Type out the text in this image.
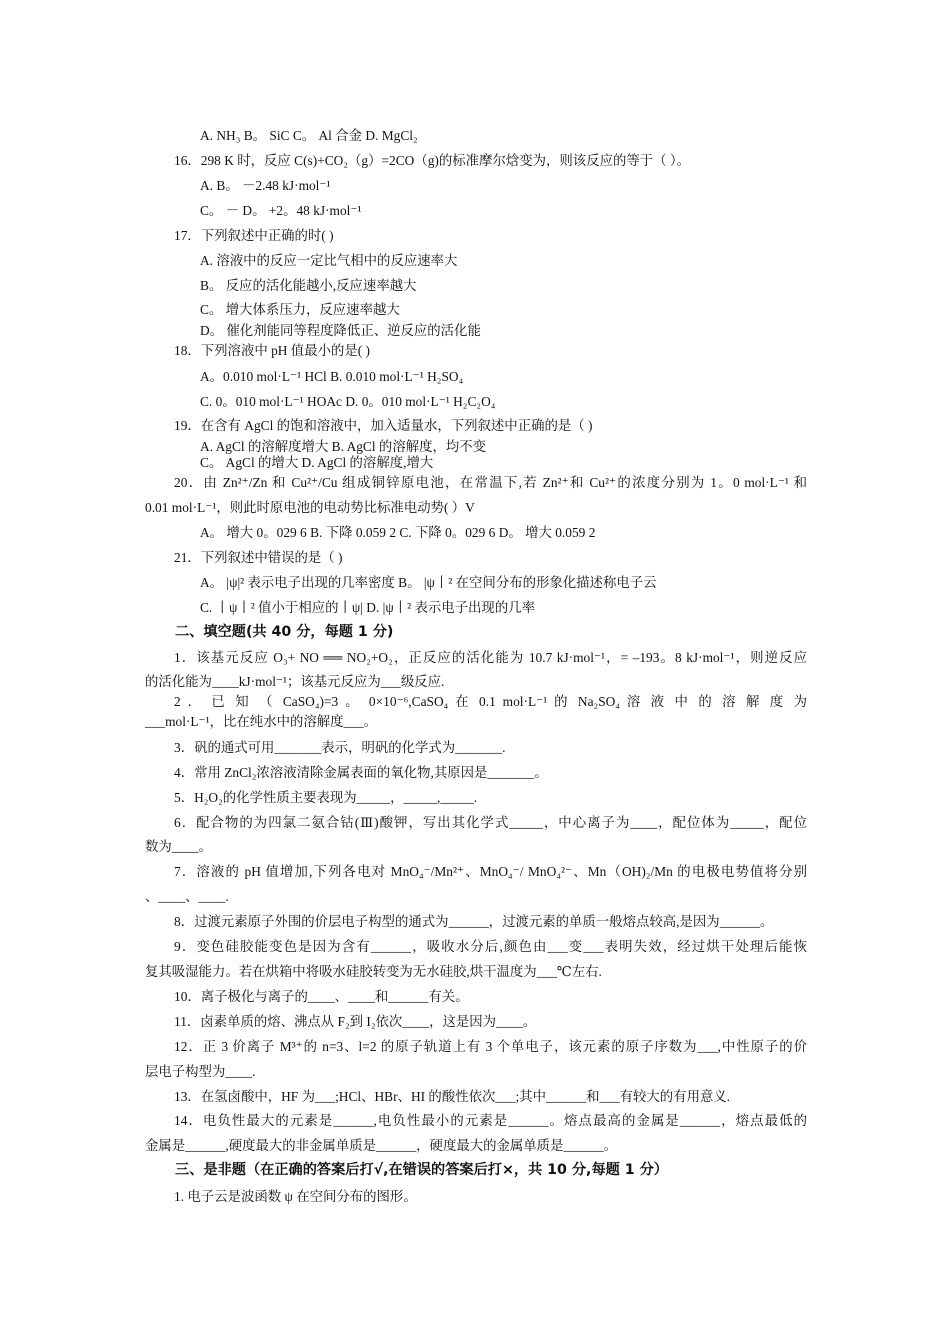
A. NH₃ B。 SiC C。 Al 合金 D. MgCl₂
16．298 K 时，反应 C(s)+CO₂（g）=2CO（g)的标准摩尔焓变为，则该反应的等于（ ）。
A. B。 －2.48 kJ·mol⁻¹
C。 － D。 +2。48 kJ·mol⁻¹
17．下列叙述中正确的时( )
A. 溶液中的反应一定比气相中的反应速率大
B。 反应的活化能越小,反应速率越大
C。 增大体系压力，反应速率越大
D。 催化剂能同等程度降低正、逆反应的活化能
18．下列溶液中 pH 值最小的是( )
A。0.010 mol·L⁻¹ HCl B. 0.010 mol·L⁻¹ H₂SO₄
C. 0。010 mol·L⁻¹ HOAc D. 0。010 mol·L⁻¹ H₂C₂O₄
19．在含有 AgCl 的饱和溶液中，加入适量水，下列叙述中正确的是（ )
A. AgCl 的溶解度增大 B. AgCl 的溶解度，均不变
C。 AgCl 的增大 D. AgCl 的溶解度,增大
20．由 Zn²⁺/Zn 和 Cu²⁺/Cu 组成铜锌原电池，在常温下,若 Zn²⁺和 Cu²⁺的浓度分别为 1。0 mol·L⁻¹ 和
0.01 mol·L⁻¹，则此时原电池的电动势比标准电动势( ）V
A。 增大 0。029 6 B. 下降 0.059 2 C. 下降 0。029 6 D。 增大 0.059 2
21．下列叙述中错误的是（ )
A。 |ψ|² 表示电子出现的几率密度 B。 |ψ丨² 在空间分布的形象化描述称电子云
C. 丨ψ丨² 值小于相应的丨ψ| D. |ψ丨² 表示电子出现的几率
二、填空题(共 40 分，每题 1 分)
1．该基元反应 O₃+ NO ══ NO₂+O₂，正反应的活化能为 10.7 kJ·mol⁻¹，= –193。8 kJ·mol⁻¹，则逆反应
的活化能为____kJ·mol⁻¹；该基元反应为___级反应.
2 ． 已 知 （ CaSO₄)=3 。 0×10⁻⁶,CaSO₄ 在 0.1 mol·L⁻¹ 的 Na₂SO₄ 溶 液 中 的 溶 解 度 为
___mol·L⁻¹，比在纯水中的溶解度___。
3．矾的通式可用_______表示，明矾的化学式为_______.
4．常用 ZnCl₂浓溶液清除金属表面的氧化物,其原因是_______。
5．H₂O₂的化学性质主要表现为_____，_____,_____.
6．配合物的为四氯二氨合钴(Ⅲ)酸钾，写出其化学式_____，中心离子为____，配位体为_____，配位
数为____。
7．溶液的 pH 值增加,下列各电对 MnO₄⁻/Mn²⁺、MnO₄⁻/ MnO₄²⁻、Mn（OH)₂/Mn 的电极电势值将分别
、____、____.
8．过渡元素原子外围的价层电子构型的通式为______，过渡元素的单质一般熔点较高,是因为______。
9．变色硅胶能变色是因为含有______，吸收水分后,颜色由___变___表明失效，经过烘干处理后能恢
复其吸湿能力。若在烘箱中将吸水硅胶转变为无水硅胶,烘干温度为___℃左右.
10．离子极化与离子的____、____和______有关。
11．卤素单质的熔、沸点从 F₂到 I₂依次____，这是因为____。
12．正 3 价离子 M³⁺的 n=3、l=2 的原子轨道上有 3 个单电子，该元素的原子序数为___,中性原子的价
层电子构型为____.
13．在氢卤酸中，HF 为___;HCl、HBr、HI 的酸性依次___;其中______和___有较大的有用意义.
14．电负性最大的元素是______,电负性最小的元素是______。熔点最高的金属是______，熔点最低的
金属是______,硬度最大的非金属单质是______，硬度最大的金属单质是______。
三、是非题（在正确的答案后打√,在错误的答案后打×，共 10 分,每题 1 分）
1. 电子云是波函数 ψ 在空间分布的图形。
